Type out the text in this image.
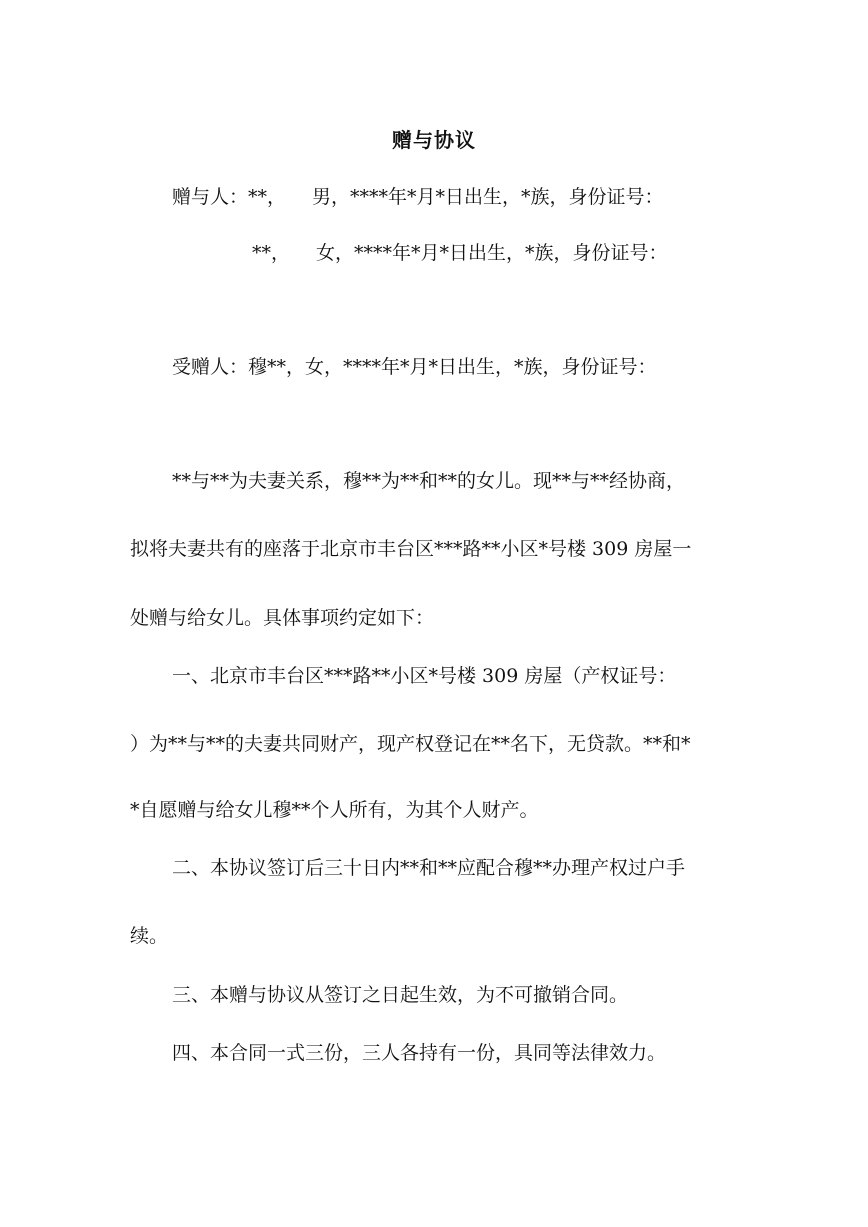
赠与协议
赠与人：**， 男，****年*月*日出生，*族，身份证号：
**， 女，****年*月*日出生，*族，身份证号：
受赠人：穆**，女，****年*月*日出生，*族，身份证号：
**与**为夫妻关系，穆**为**和**的女儿。现**与**经协商，
拟将夫妻共有的座落于北京市丰台区***路**小区*号楼 309 房屋一
处赠与给女儿。具体事项约定如下：
一、北京市丰台区***路**小区*号楼 309 房屋（产权证号：
）为**与**的夫妻共同财产，现产权登记在**名下，无贷款。**和*
*自愿赠与给女儿穆**个人所有，为其个人财产。
二、本协议签订后三十日内**和**应配合穆**办理产权过户手
续。
三、本赠与协议从签订之日起生效，为不可撤销合同。
四、本合同一式三份，三人各持有一份，具同等法律效力。
